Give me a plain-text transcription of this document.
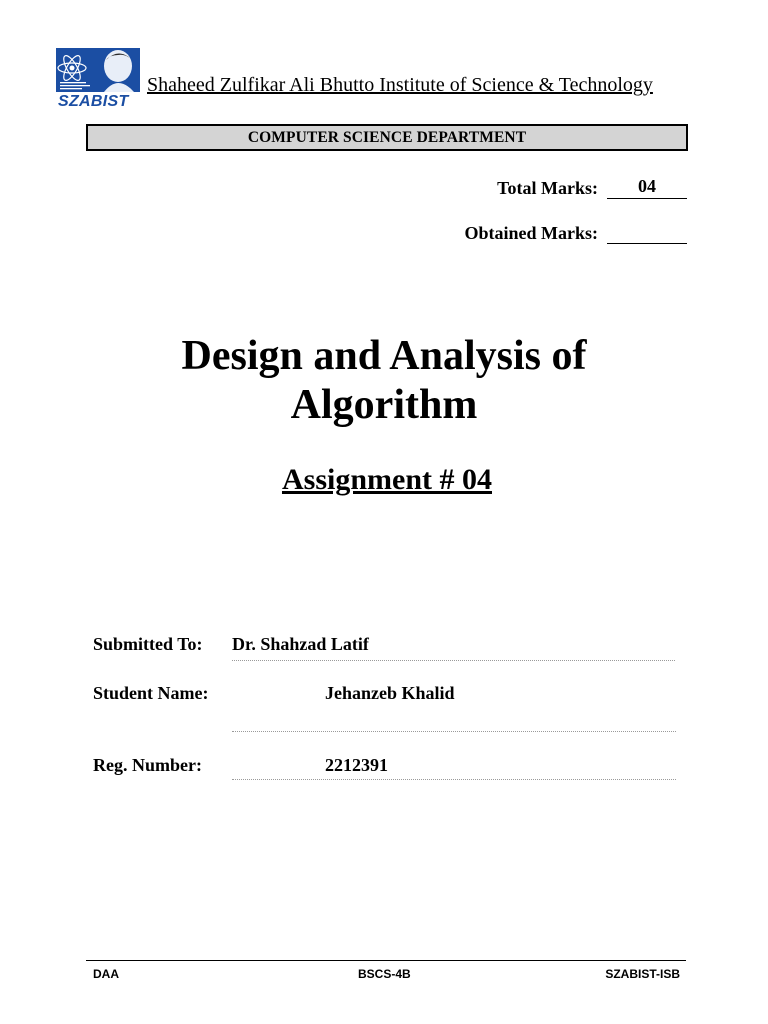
SZABIST
Shaheed Zulfikar Ali Bhutto Institute of Science & Technology
COMPUTER SCIENCE DEPARTMENT
Total Marks:	04
Obtained Marks:
Design and Analysis of
Algorithm
Assignment # 04
Submitted To: Dr. Shahzad Latif
Student Name:	Jehanzeb Khalid
Reg. Number:	2212391
DAA	BSCS-4B	SZABIST-ISB
